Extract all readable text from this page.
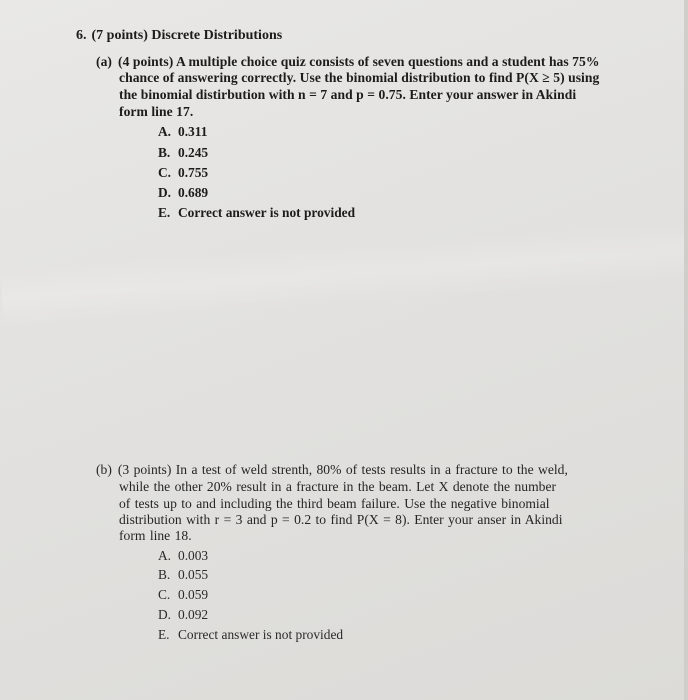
6. (7 points) Discrete Distributions
(a) (4 points) A multiple choice quiz consists of seven questions and a student has 75%
chance of answering correctly. Use the binomial distribution to find P(X ≥ 5) using
the binomial distirbution with n = 7 and p = 0.75. Enter your answer in Akindi
form line 17.
A. 0.311
B. 0.245
C. 0.755
D. 0.689
E. Correct answer is not provided
(b) (3 points) In a test of weld strenth, 80% of tests results in a fracture to the weld,
while the other 20% result in a fracture in the beam. Let X denote the number
of tests up to and including the third beam failure. Use the negative binomial
distribution with r = 3 and p = 0.2 to find P(X = 8). Enter your anser in Akindi
form line 18.
A. 0.003
B. 0.055
C. 0.059
D. 0.092
E. Correct answer is not provided
